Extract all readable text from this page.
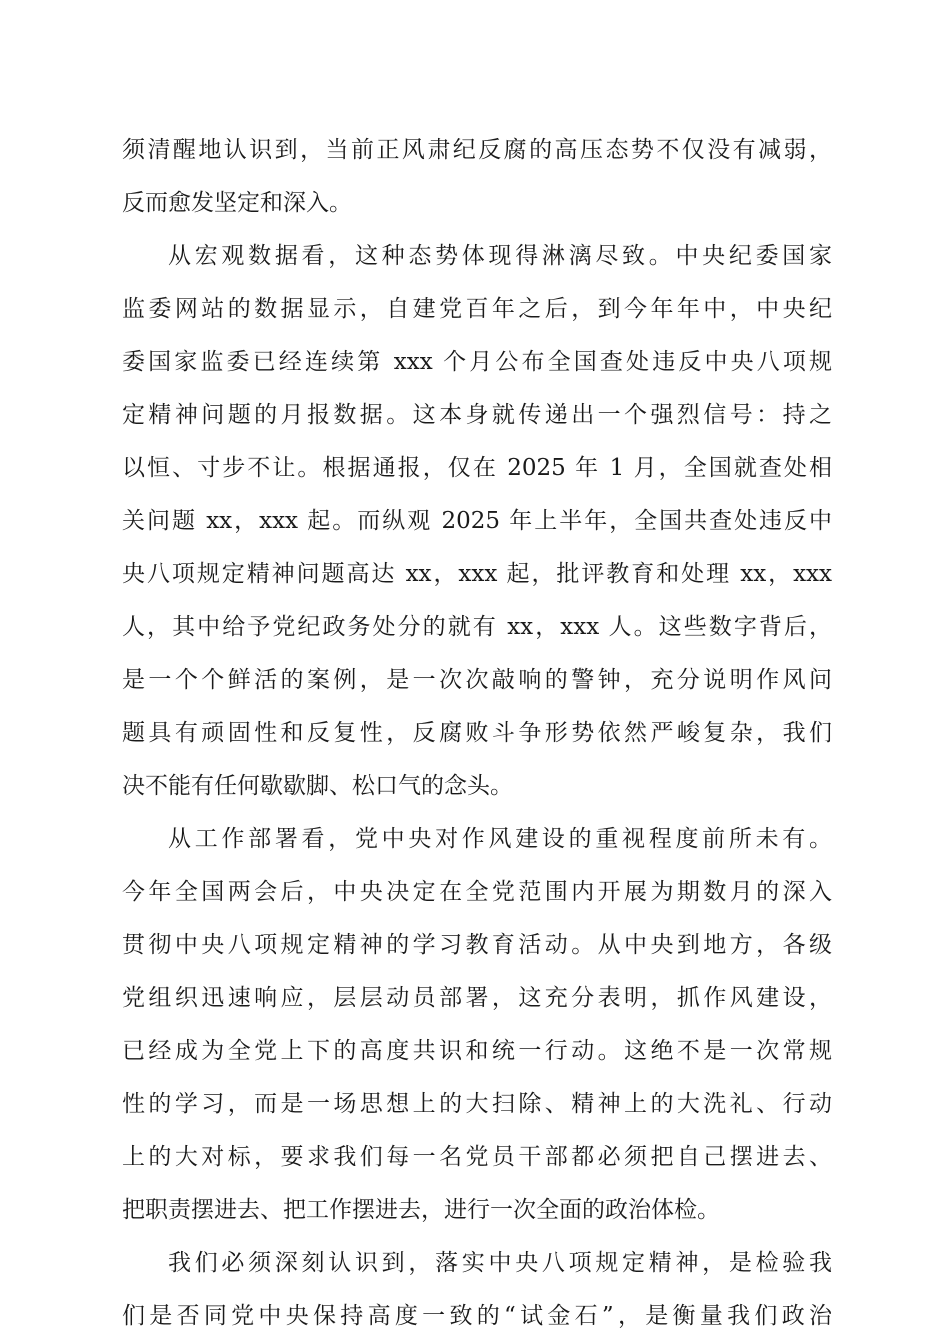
须清醒地认识到，当前正风肃纪反腐的高压态势不仅没有减弱，
反而愈发坚定和深入。
从宏观数据看，这种态势体现得淋漓尽致。中央纪委国家
监委网站的数据显示，自建党百年之后，到今年年中，中央纪
委国家监委已经连续第 xxx 个月公布全国查处违反中央八项规
定精神问题的月报数据。这本身就传递出一个强烈信号：持之
以恒、寸步不让。根据通报，仅在 2025 年 1 月，全国就查处相
关问题 xx，xxx 起。而纵观 2025 年上半年，全国共查处违反中
央八项规定精神问题高达 xx，xxx 起，批评教育和处理 xx，xxx
人，其中给予党纪政务处分的就有 xx，xxx 人。这些数字背后，
是一个个鲜活的案例，是一次次敲响的警钟，充分说明作风问
题具有顽固性和反复性，反腐败斗争形势依然严峻复杂，我们
决不能有任何歇歇脚、松口气的念头。
从工作部署看，党中央对作风建设的重视程度前所未有。
今年全国两会后，中央决定在全党范围内开展为期数月的深入
贯彻中央八项规定精神的学习教育活动。从中央到地方，各级
党组织迅速响应，层层动员部署，这充分表明，抓作风建设，
已经成为全党上下的高度共识和统一行动。这绝不是一次常规
性的学习，而是一场思想上的大扫除、精神上的大洗礼、行动
上的大对标，要求我们每一名党员干部都必须把自己摆进去、
把职责摆进去、把工作摆进去，进行一次全面的政治体检。
我们必须深刻认识到，落实中央八项规定精神，是检验我
们是否同党中央保持高度一致的“试金石”，是衡量我们政治
